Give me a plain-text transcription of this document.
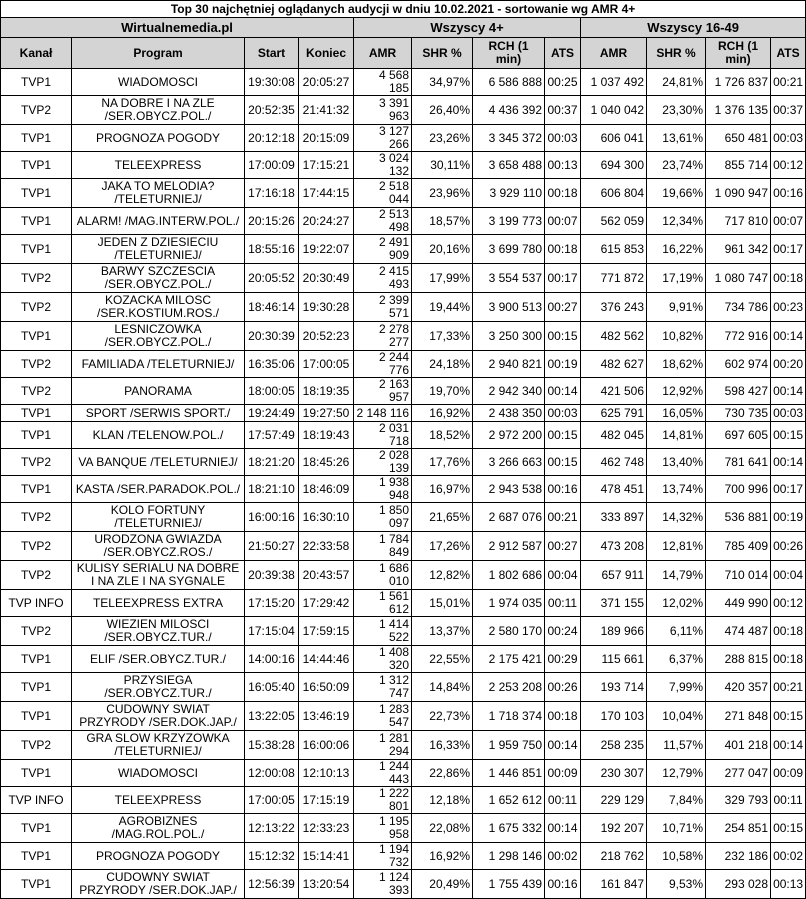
Top 30 najchętniej oglądanych audycji w dniu 10.02.2021 - sortowanie wg AMR 4+											
Wirtualnemedia.pl				Wszyscy 4+				Wszyscy 16-49			
Kanał	Program	Start	Koniec	AMR	SHR %	RCH (1 min)	ATS	AMR	SHR %	RCH (1 min)	ATS
TVP1	WIADOMOSCI	19:30:08	20:05:27	4 568 185	34,97%	6 586 888	00:25	1 037 492	24,81%	1 726 837	00:21
TVP2	NA DOBRE I NA ZLE /SER.OBYCZ.POL./	20:52:35	21:41:32	3 391 963	26,40%	4 436 392	00:37	1 040 042	23,30%	1 376 135	00:37
TVP1	PROGNOZA POGODY	20:12:18	20:15:09	3 127 266	23,26%	3 345 372	00:03	606 041	13,61%	650 481	00:03
TVP1	TELEEXPRESS	17:00:09	17:15:21	3 024 132	30,11%	3 658 488	00:13	694 300	23,74%	855 714	00:12
TVP1	JAKA TO MELODIA? /TELETURNIEJ/	17:16:18	17:44:15	2 518 044	23,96%	3 929 110	00:18	606 804	19,66%	1 090 947	00:16
TVP1	ALARM! /MAG.INTERW.POL./	20:15:26	20:24:27	2 513 498	18,57%	3 199 773	00:07	562 059	12,34%	717 810	00:07
TVP1	JEDEN Z DZIESIECIU /TELETURNIEJ/	18:55:16	19:22:07	2 491 909	20,16%	3 699 780	00:18	615 853	16,22%	961 342	00:17
TVP2	BARWY SZCZESCIA /SER.OBYCZ.POL./	20:05:52	20:30:49	2 415 493	17,99%	3 554 537	00:17	771 872	17,19%	1 080 747	00:18
TVP2	KOZACKA MILOSC /SER.KOSTIUM.ROS./	18:46:14	19:30:28	2 399 571	19,44%	3 900 513	00:27	376 243	9,91%	734 786	00:23
TVP1	LESNICZOWKA /SER.OBYCZ.POL./	20:30:39	20:52:23	2 278 277	17,33%	3 250 300	00:15	482 562	10,82%	772 916	00:14
TVP2	FAMILIADA /TELETURNIEJ/	16:35:06	17:00:05	2 244 776	24,18%	2 940 821	00:19	482 627	18,62%	602 974	00:20
TVP2	PANORAMA	18:00:05	18:19:35	2 163 957	19,70%	2 942 340	00:14	421 506	12,92%	598 427	00:14
TVP1	SPORT /SERWIS SPORT./	19:24:49	19:27:50	2 148 116	16,92%	2 438 350	00:03	625 791	16,05%	730 735	00:03
TVP1	KLAN /TELENOW.POL./	17:57:49	18:19:43	2 031 718	18,52%	2 972 200	00:15	482 045	14,81%	697 605	00:15
TVP2	VA BANQUE /TELETURNIEJ/	18:21:20	18:45:26	2 028 139	17,76%	3 266 663	00:15	462 748	13,40%	781 641	00:14
TVP1	KASTA /SER.PARADOK.POL./	18:21:10	18:46:09	1 938 948	16,97%	2 943 538	00:16	478 451	13,74%	700 996	00:17
TVP2	KOLO FORTUNY /TELETURNIEJ/	16:00:16	16:30:10	1 850 097	21,65%	2 687 076	00:21	333 897	14,32%	536 881	00:19
TVP2	URODZONA GWIAZDA /SER.OBYCZ.ROS./	21:50:27	22:33:58	1 784 849	17,26%	2 912 587	00:27	473 208	12,81%	785 409	00:26
TVP2	KULISY SERIALU NA DOBRE I NA ZLE I NA SYGNALE	20:39:38	20:43:57	1 686 010	12,82%	1 802 686	00:04	657 911	14,79%	710 014	00:04
TVP INFO	TELEEXPRESS EXTRA	17:15:20	17:29:42	1 561 612	15,01%	1 974 035	00:11	371 155	12,02%	449 990	00:12
TVP2	WIEZIEN MILOSCI /SER.OBYCZ.TUR./	17:15:04	17:59:15	1 414 522	13,37%	2 580 170	00:24	189 966	6,11%	474 487	00:18
TVP1	ELIF /SER.OBYCZ.TUR./	14:00:16	14:44:46	1 408 320	22,55%	2 175 421	00:29	115 661	6,37%	288 815	00:18
TVP1	PRZYSIEGA /SER.OBYCZ.TUR./	16:05:40	16:50:09	1 312 747	14,84%	2 253 208	00:26	193 714	7,99%	420 357	00:21
TVP1	CUDOWNY SWIAT PRZYRODY /SER.DOK.JAP./	13:22:05	13:46:19	1 283 547	22,73%	1 718 374	00:18	170 103	10,04%	271 848	00:15
TVP2	GRA SLOW KRZYZOWKA /TELETURNIEJ/	15:38:28	16:00:06	1 281 294	16,33%	1 959 750	00:14	258 235	11,57%	401 218	00:14
TVP1	WIADOMOSCI	12:00:08	12:10:13	1 244 443	22,86%	1 446 851	00:09	230 307	12,79%	277 047	00:09
TVP INFO	TELEEXPRESS	17:00:05	17:15:19	1 222 801	12,18%	1 652 612	00:11	229 129	7,84%	329 793	00:11
TVP1	AGROBIZNES /MAG.ROL.POL./	12:13:22	12:33:23	1 195 958	22,08%	1 675 332	00:14	192 207	10,71%	254 851	00:15
TVP1	PROGNOZA POGODY	15:12:32	15:14:41	1 194 732	16,92%	1 298 146	00:02	218 762	10,58%	232 186	00:02
TVP1	CUDOWNY SWIAT PRZYRODY /SER.DOK.JAP./	12:56:39	13:20:54	1 124 393	20,49%	1 755 439	00:16	161 847	9,53%	293 028	00:13
